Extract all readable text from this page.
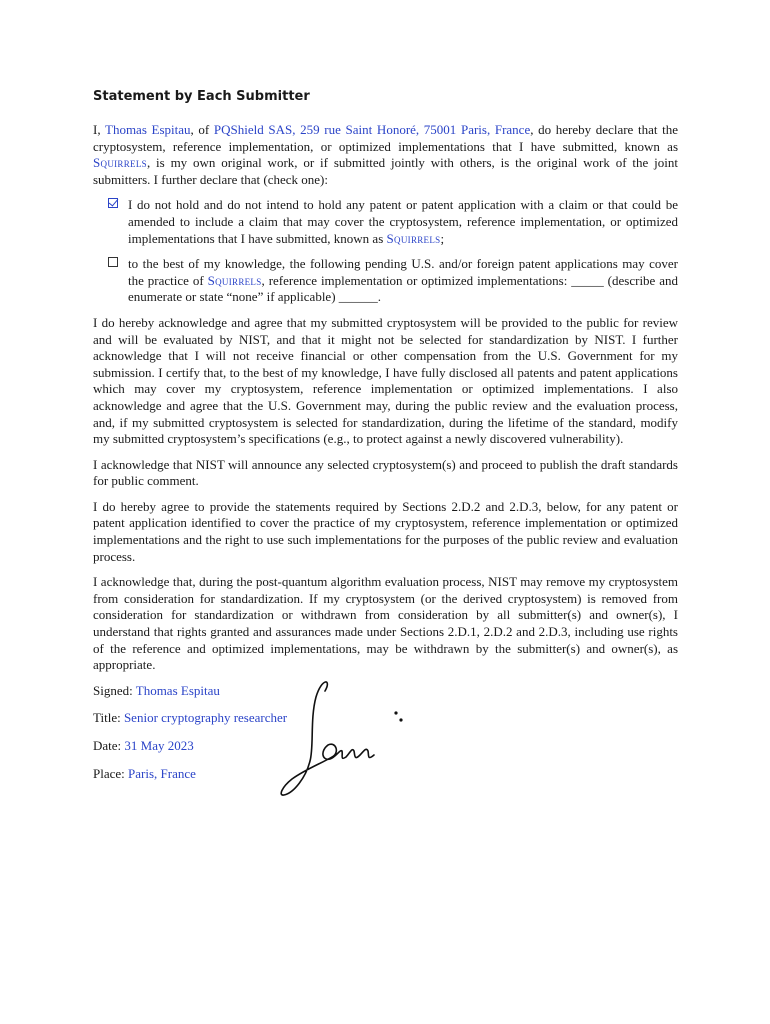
Statement by Each Submitter

I, Thomas Espitau, of PQShield SAS, 259 rue Saint Honoré, 75001 Paris, France, do hereby declare that the cryptosystem, reference implementation, or optimized implementations that I have submitted, known as Squirrels, is my own original work, or if submitted jointly with others, is the original work of the joint submitters. I further declare that (check one):

I do not hold and do not intend to hold any patent or patent application with a claim or that could be amended to include a claim that may cover the cryptosystem, reference implementation, or optimized implementations that I have submitted, known as Squirrels;
to the best of my knowledge, the following pending U.S. and/or foreign patent applications may cover the practice of Squirrels, reference implementation or optimized implementations: _____ (describe and enumerate or state “none” if applicable) ______.

I do hereby acknowledge and agree that my submitted cryptosystem will be provided to the public for review and will be evaluated by NIST, and that it might not be selected for standardization by NIST. I further acknowledge that I will not receive financial or other compensation from the U.S. Government for my submission. I certify that, to the best of my knowledge, I have fully disclosed all patents and patent applications which may cover my cryptosystem, reference implementation or optimized implementations. I also acknowledge and agree that the U.S. Government may, during the public review and the evaluation process, and, if my submitted cryptosystem is selected for standardization, during the lifetime of the standard, modify my submitted cryptosystem’s specifications (e.g., to protect against a newly discovered vulnerability).

I acknowledge that NIST will announce any selected cryptosystem(s) and proceed to publish the draft standards for public comment.

I do hereby agree to provide the statements required by Sections 2.D.2 and 2.D.3, below, for any patent or patent application identified to cover the practice of my cryptosystem, reference implementation or optimized implementations and the right to use such implementations for the purposes of the public review and evaluation process.

I acknowledge that, during the post-quantum algorithm evaluation process, NIST may remove my cryptosystem from consideration for standardization. If my cryptosystem (or the derived cryptosystem) is removed from consideration for standardization or withdrawn from consideration by all submitter(s) and owner(s), I understand that rights granted and assurances made under Sections 2.D.1, 2.D.2 and 2.D.3, including use rights of the reference and optimized implementations, may be withdrawn by the submitter(s) and owner(s), as appropriate.

Signed: Thomas Espitau
Title: Senior cryptography researcher
Date: 31 May 2023
Place: Paris, France
